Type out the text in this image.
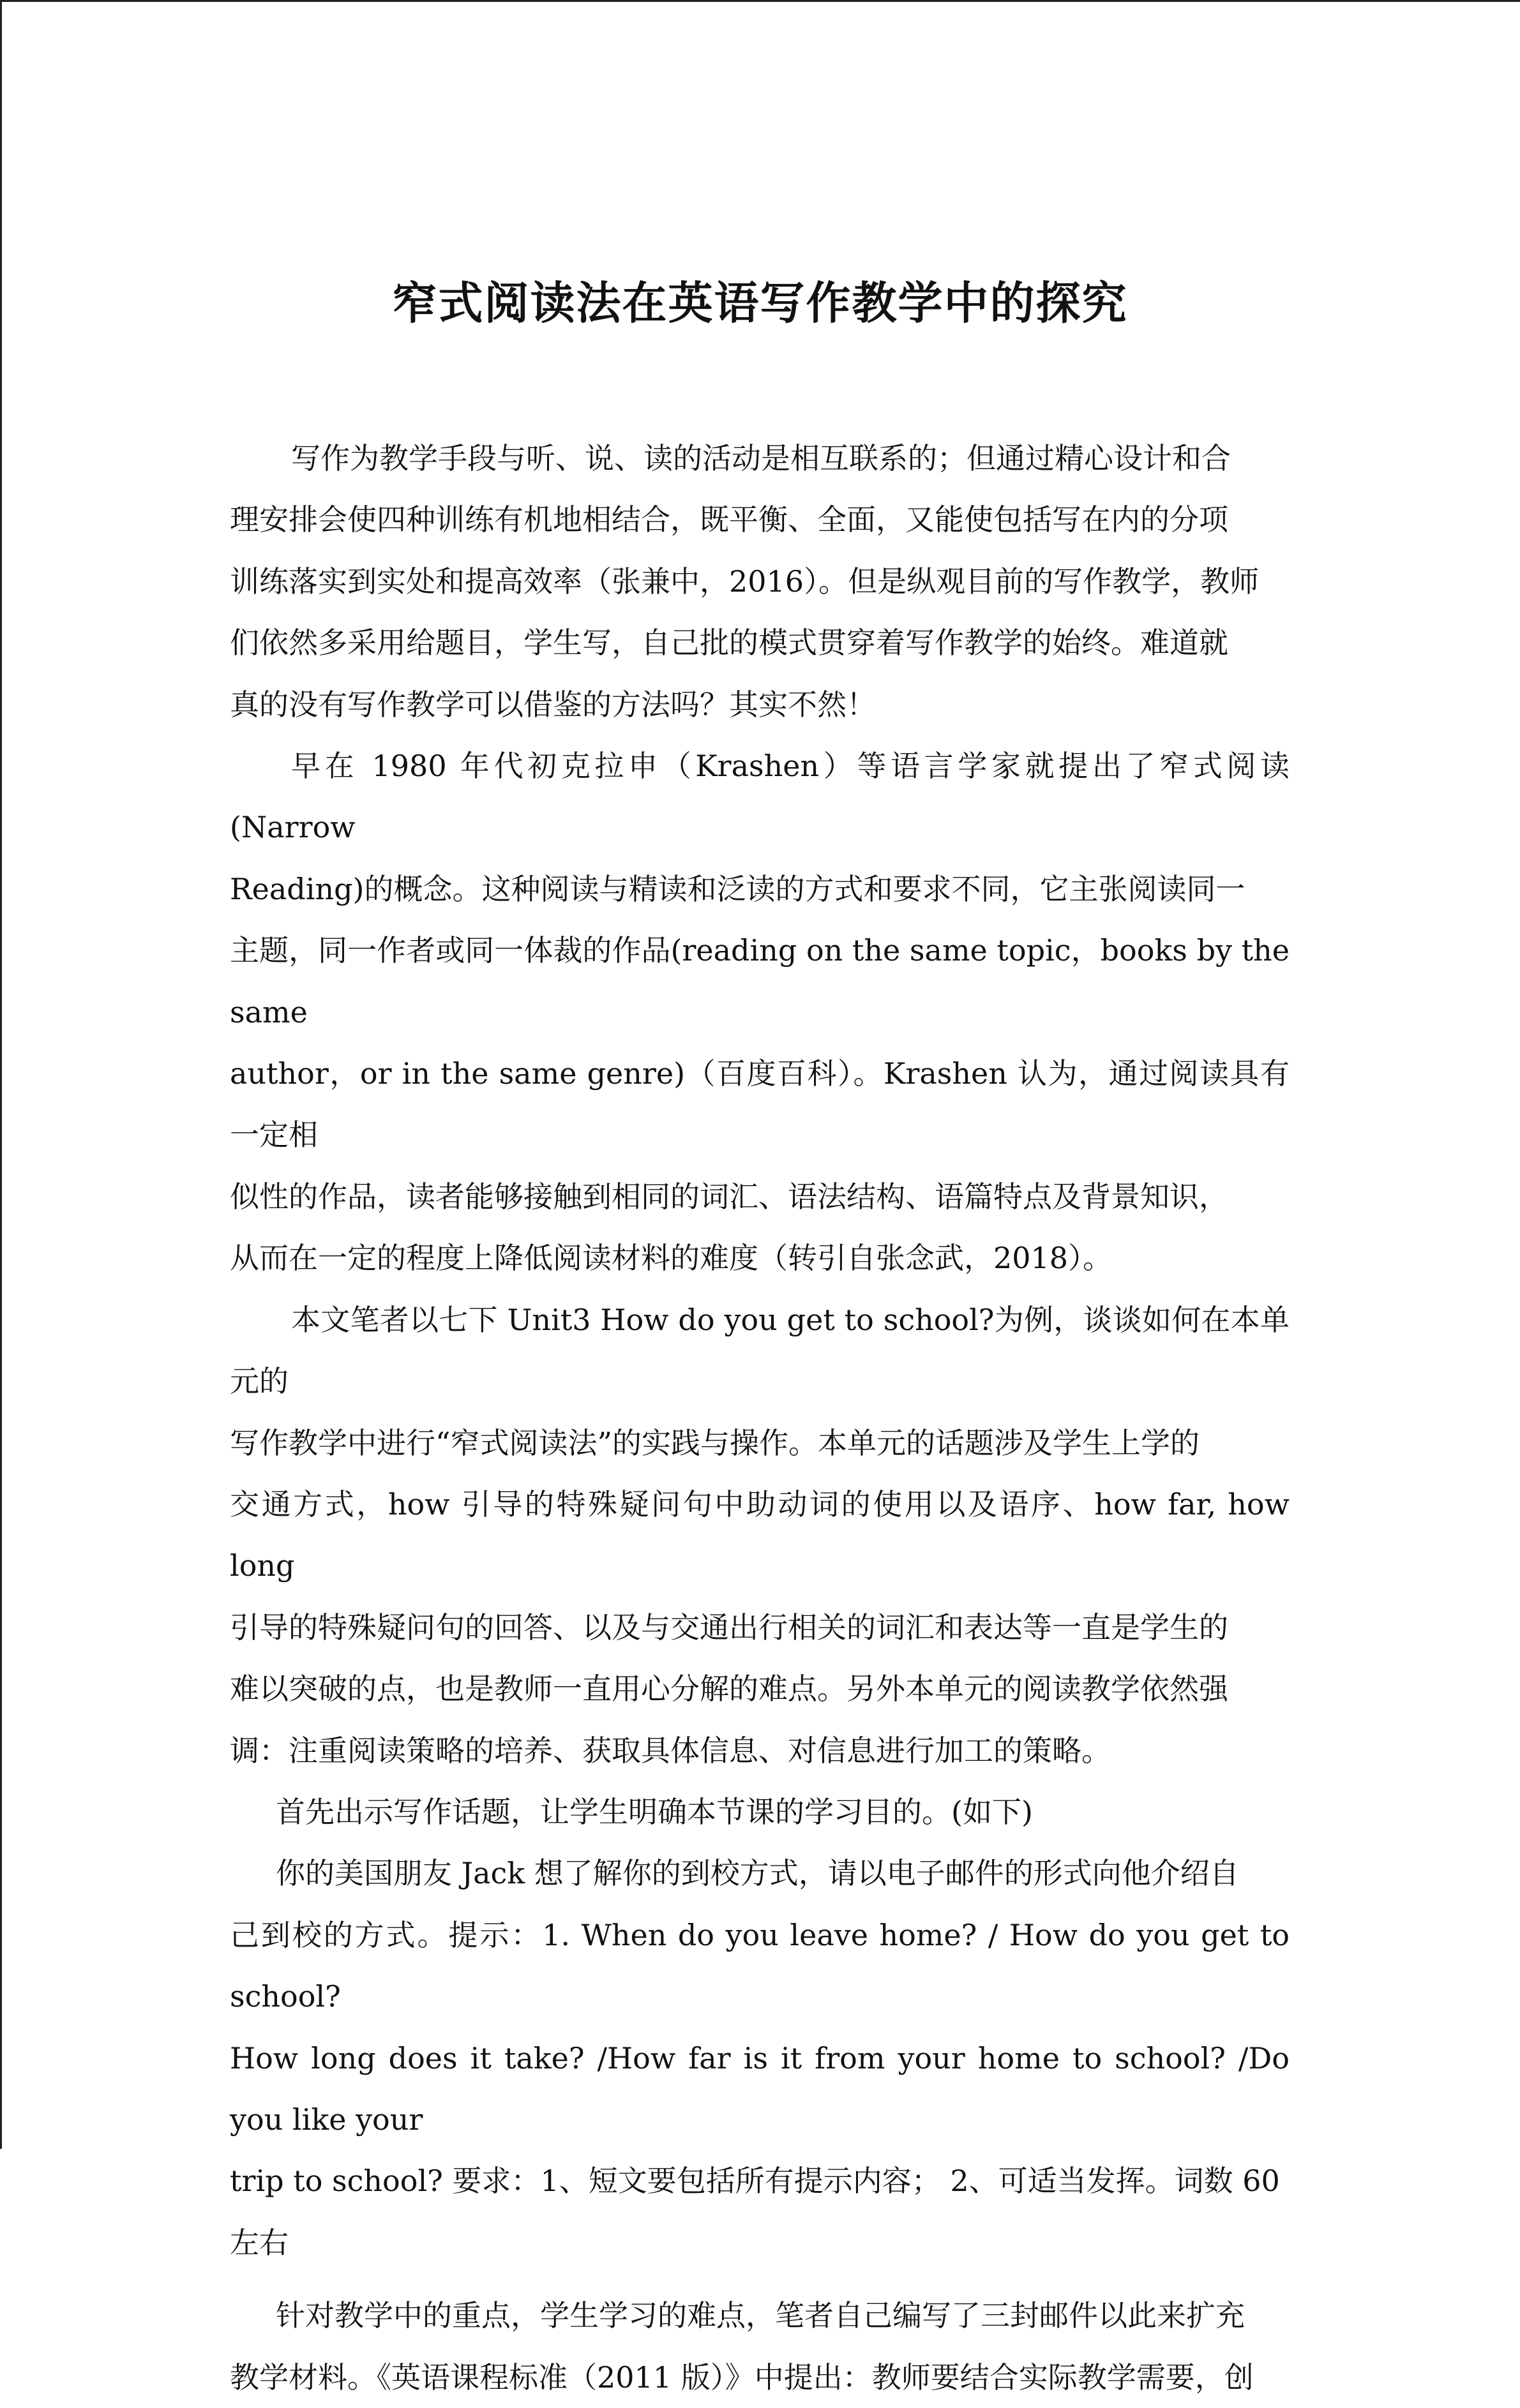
窄式阅读法在英语写作教学中的探究

写作为教学手段与听、说、读的活动是相互联系的；但通过精心设计和合
理安排会使四种训练有机地相结合，既平衡、全面，又能使包括写在内的分项
训练落实到实处和提高效率（张兼中，2016）。但是纵观目前的写作教学，教师
们依然多采用给题目，学生写，自己批的模式贯穿着写作教学的始终。难道就
真的没有写作教学可以借鉴的方法吗？其实不然！

早在 1980 年代初克拉申（Krashen）等语言学家就提出了窄式阅读(Narrow
Reading)的概念。这种阅读与精读和泛读的方式和要求不同，它主张阅读同一
主题，同一作者或同一体裁的作品(reading on the same topic，books by the same
author，or in the same genre)（百度百科）。Krashen 认为，通过阅读具有一定相
似性的作品，读者能够接触到相同的词汇、语法结构、语篇特点及背景知识，
从而在一定的程度上降低阅读材料的难度（转引自张念武，2018）。

本文笔者以七下 Unit3 How do you get to school?为例，谈谈如何在本单元的
写作教学中进行“窄式阅读法”的实践与操作。本单元的话题涉及学生上学的
交通方式，how 引导的特殊疑问句中助动词的使用以及语序、how far, how long
引导的特殊疑问句的回答、以及与交通出行相关的词汇和表达等一直是学生的
难以突破的点，也是教师一直用心分解的难点。另外本单元的阅读教学依然强
调：注重阅读策略的培养、获取具体信息、对信息进行加工的策略。

首先出示写作话题，让学生明确本节课的学习目的。(如下)

你的美国朋友 Jack 想了解你的到校方式，请以电子邮件的形式向他介绍自
己到校的方式。提示：1. When do you leave home? / How do you get to school?
How long does it take? /How far is it from your home to school? /Do you like your
trip to school? 要求：1、短文要包括所有提示内容； 2、可适当发挥。词数 60
左右

针对教学中的重点，学生学习的难点，笔者自己编写了三封邮件以此来扩充
教学材料。《英语课程标准（2011 版）》中提出：教师要结合实际教学需要，创
